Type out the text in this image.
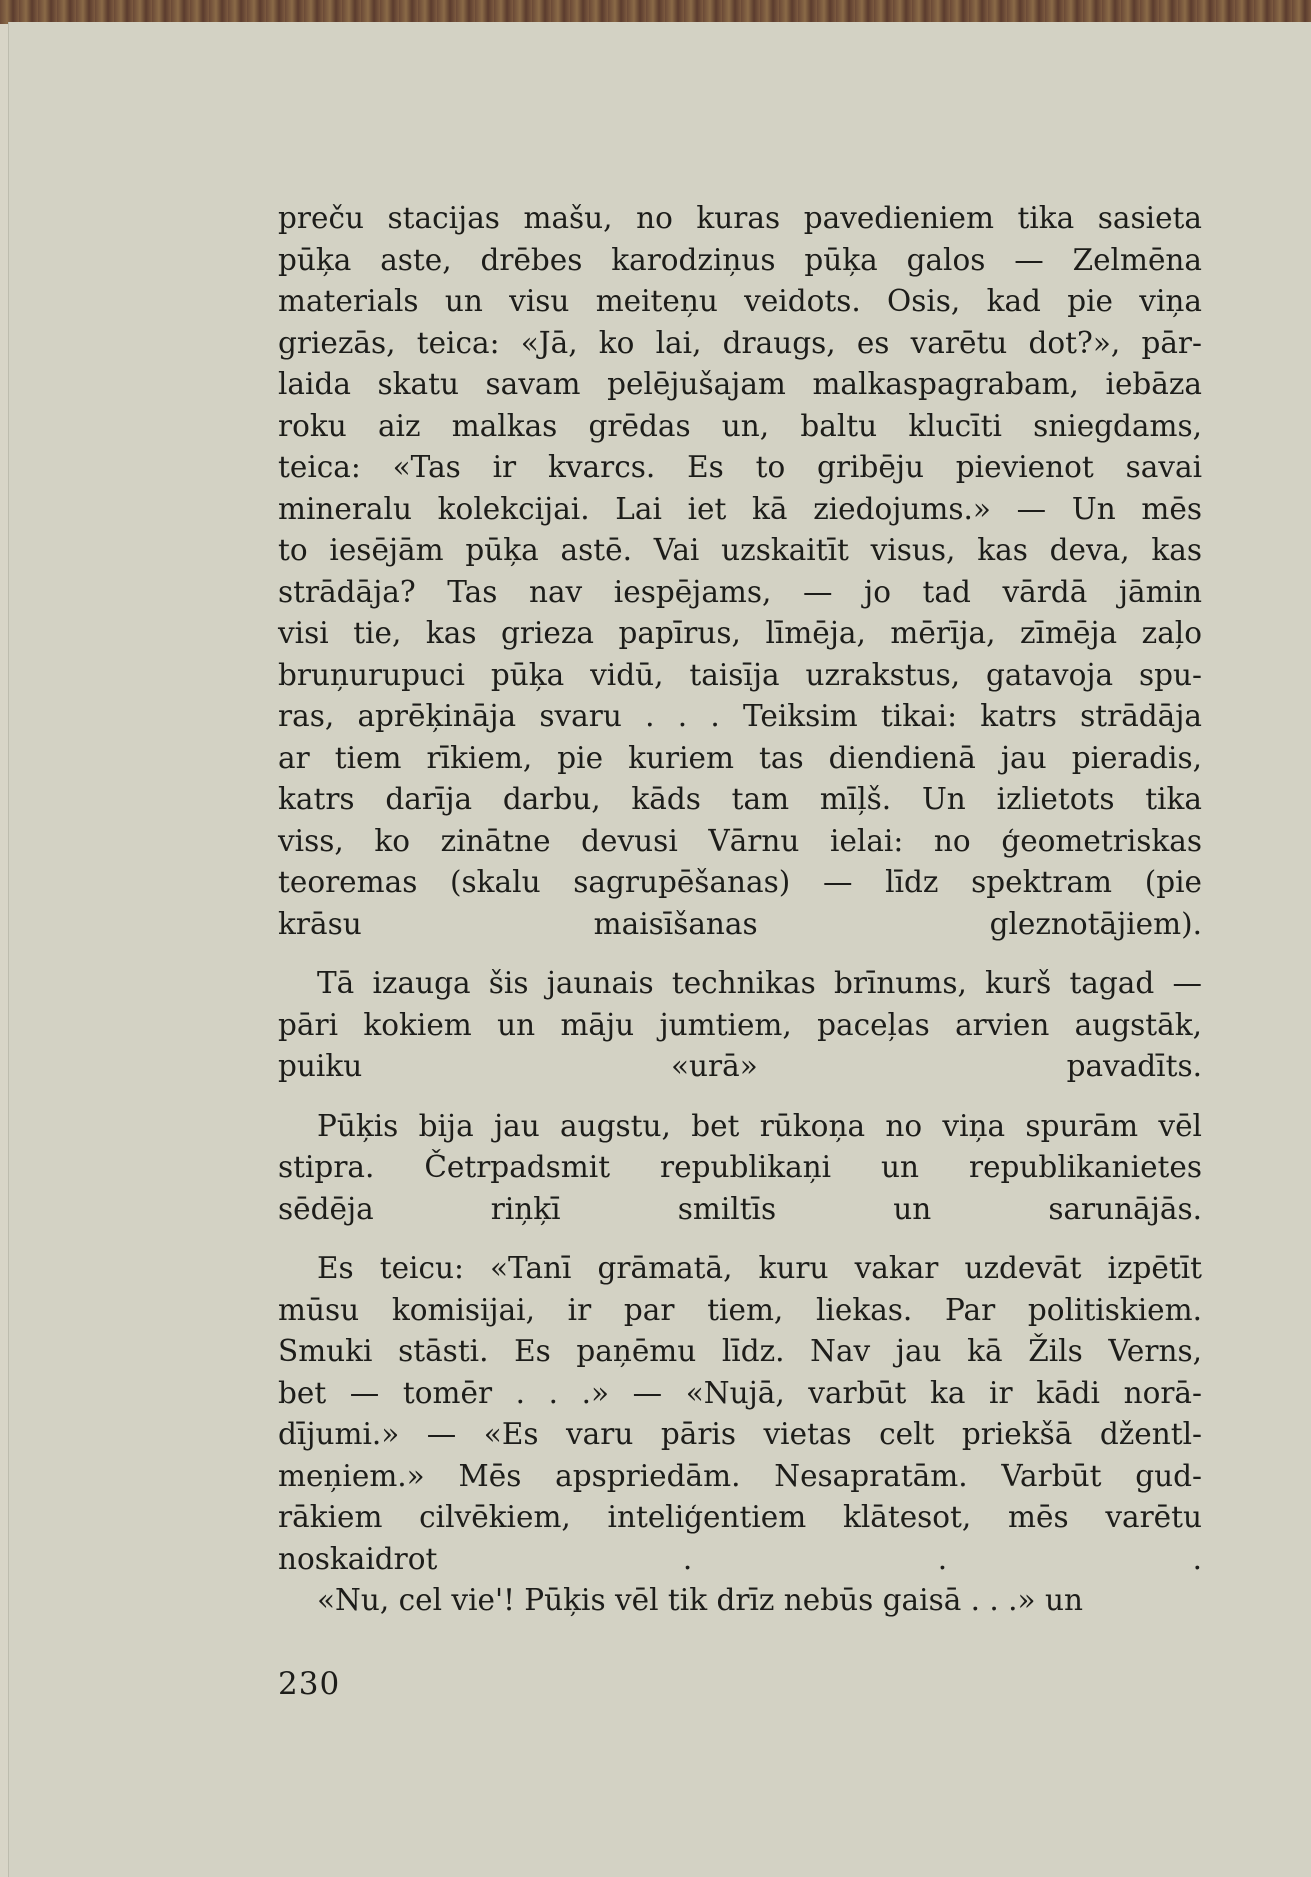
preču stacijas mašu, no kuras pavedieniem tika sasieta
pūķa aste, drēbes karodziņus pūķa galos — Zelmēna
materials un visu meiteņu veidots. Osis, kad pie viņa
griezās, teica: «Jā, ko lai, draugs, es varētu dot?», pār-
laida skatu savam pelējušajam malkaspagrabam, iebāza
roku aiz malkas grēdas un, baltu klucīti sniegdams,
teica: «Tas ir kvarcs. Es to gribēju pievienot savai
mineralu kolekcijai. Lai iet kā ziedojums.» — Un mēs
to iesējām pūķa astē. Vai uzskaitīt visus, kas deva, kas
strādāja? Tas nav iespējams, — jo tad vārdā jāmin
visi tie, kas grieza papīrus, līmēja, mērīja, zīmēja zaļo
bruņurupuci pūķa vidū, taisīja uzrakstus, gatavoja spu-
ras, aprēķināja svaru . . . Teiksim tikai: katrs strādāja
ar tiem rīkiem, pie kuriem tas diendienā jau pieradis,
katrs darīja darbu, kāds tam mīļš. Un izlietots tika
viss, ko zinātne devusi Vārnu ielai: no ģeometriskas
teoremas (skalu sagrupēšanas) — līdz spektram (pie
krāsu maisīšanas gleznotājiem).

Tā izauga šis jaunais technikas brīnums, kurš tagad —
pāri kokiem un māju jumtiem, paceļas arvien augstāk,
puiku «urā» pavadīts.

Pūķis bija jau augstu, bet rūkoņa no viņa spurām vēl
stipra. Četrpadsmit republikaņi un republikanietes
sēdēja riņķī smiltīs un sarunājās.

Es teicu: «Tanī grāmatā, kuru vakar uzdevāt izpētīt
mūsu komisijai, ir par tiem, liekas. Par politiskiem.
Smuki stāsti. Es paņēmu līdz. Nav jau kā Žils Verns,
bet — tomēr . . .» — «Nujā, varbūt ka ir kādi norā-
dījumi.» — «Es varu pāris vietas celt priekšā džentl-
meņiem.» Mēs apspriedām. Nesapratām. Varbūt gud-
rākiem cilvēkiem, inteliģentiem klātesot, mēs varētu
noskaidrot . . .

«Nu, cel vie'! Pūķis vēl tik drīz nebūs gaisā . . .» un

230
